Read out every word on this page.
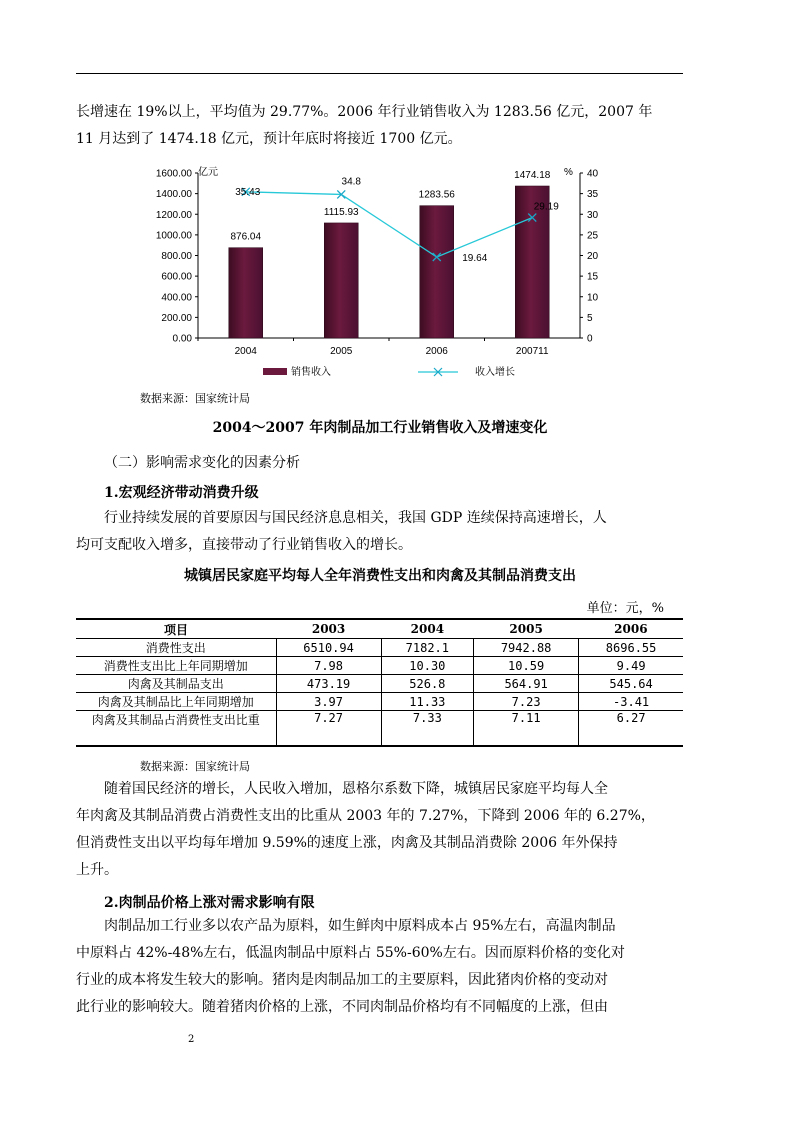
长增速在 19%以上，平均值为 29.77%。2006 年行业销售收入为 1283.56 亿元，2007 年
11 月达到了 1474.18 亿元，预计年底时将接近 1700 亿元。
0.00
200.00
400.00
600.00
800.00
1000.00
1200.00
1400.00
1600.00
0
5
10
15
20
25
30
35
40
亿元	%
876.04
1115.93
1283.56
1474.18
2004	2005	2006	200711
35.43
34.8
19.64
29.19
销售收入	收入增长
数据来源：国家统计局
2004～2007 年肉制品加工行业销售收入及增速变化
（二）影响需求变化的因素分析
1.宏观经济带动消费升级
行业持续发展的首要原因与国民经济息息相关，我国 GDP 连续保持高速增长，人
均可支配收入增多，直接带动了行业销售收入的增长。
城镇居民家庭平均每人全年消费性支出和肉禽及其制品消费支出
单位：元，%
项目	2003	2004	2005	2006
消费性支出	6510.94	7182.1	7942.88	8696.55
消费性支出比上年同期增加	7.98	10.30	10.59	9.49
肉禽及其制品支出	473.19	526.8	564.91	545.64
肉禽及其制品比上年同期增加	3.97	11.33	7.23	-3.41
肉禽及其制品占消费性支出比重	7.27	7.33	7.11	6.27
数据来源：国家统计局
随着国民经济的增长，人民收入增加，恩格尔系数下降，城镇居民家庭平均每人全
年肉禽及其制品消费占消费性支出的比重从 2003 年的 7.27%，下降到 2006 年的 6.27%，
但消费性支出以平均每年增加 9.59%的速度上涨，肉禽及其制品消费除 2006 年外保持
上升。
2.肉制品价格上涨对需求影响有限
肉制品加工行业多以农产品为原料，如生鲜肉中原料成本占 95%左右，高温肉制品
中原料占 42%-48%左右，低温肉制品中原料占 55%-60%左右。因而原料价格的变化对
行业的成本将发生较大的影响。猪肉是肉制品加工的主要原料，因此猪肉价格的变动对
此行业的影响较大。随着猪肉价格的上涨，不同肉制品价格均有不同幅度的上涨，但由
2
